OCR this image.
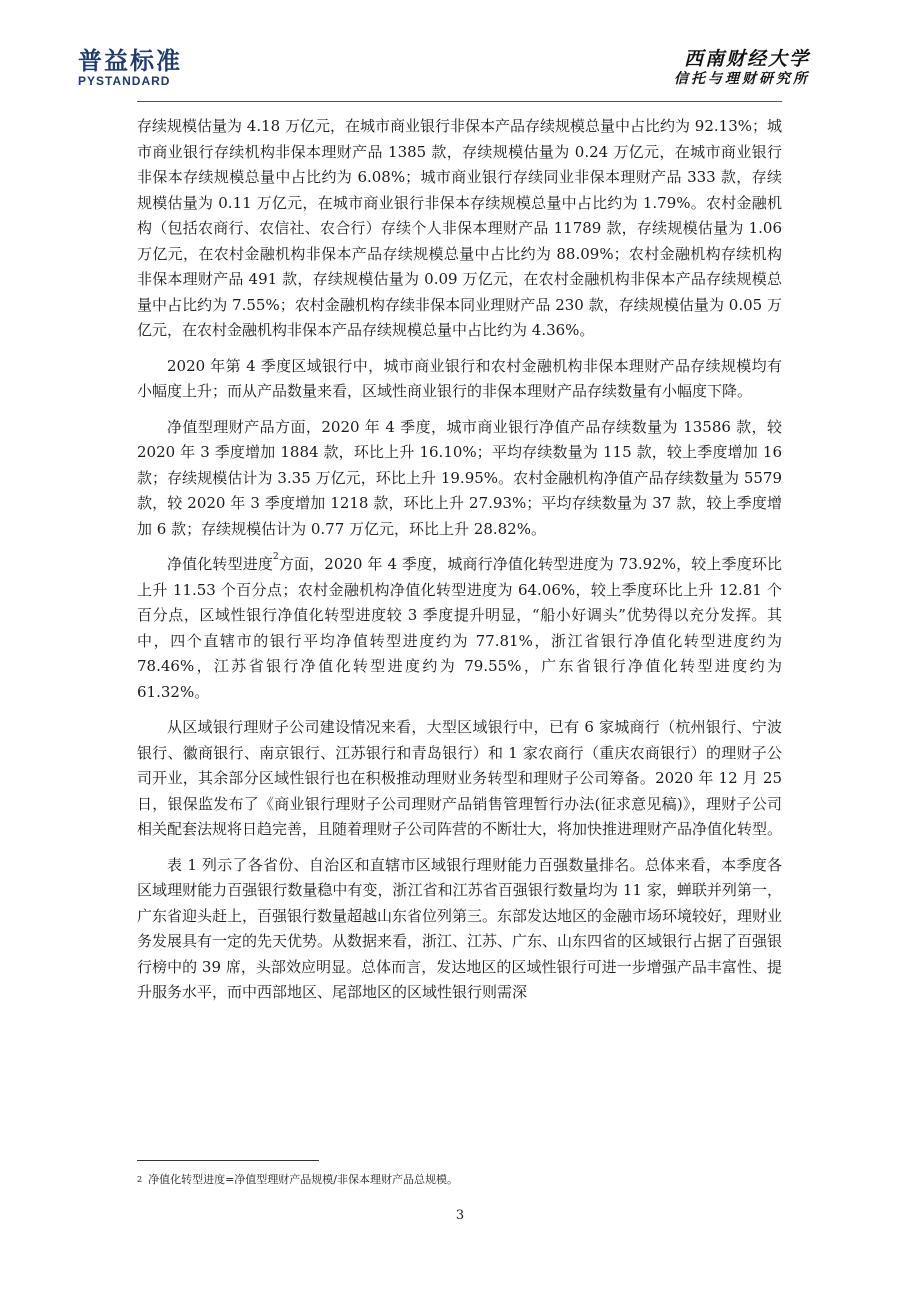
普益标准
PYSTANDARD
西南财经大学
信托与理财研究所

存续规模估量为 4.18 万亿元，在城市商业银行非保本产品存续规模总量中占比约为 92.13%；城市商业银行存续机构非保本理财产品 1385 款，存续规模估量为 0.24 万亿元，在城市商业银行非保本存续规模总量中占比约为 6.08%；城市商业银行存续同业非保本理财产品 333 款，存续规模估量为 0.11 万亿元，在城市商业银行非保本存续规模总量中占比约为 1.79%。农村金融机构（包括农商行、农信社、农合行）存续个人非保本理财产品 11789 款，存续规模估量为 1.06 万亿元，在农村金融机构非保本产品存续规模总量中占比约为 88.09%；农村金融机构存续机构非保本理财产品 491 款，存续规模估量为 0.09 万亿元，在农村金融机构非保本产品存续规模总量中占比约为 7.55%；农村金融机构存续非保本同业理财产品 230 款，存续规模估量为 0.05 万亿元，在农村金融机构非保本产品存续规模总量中占比约为 4.36%。

2020 年第 4 季度区域银行中，城市商业银行和农村金融机构非保本理财产品存续规模均有小幅度上升；而从产品数量来看，区域性商业银行的非保本理财产品存续数量有小幅度下降。

净值型理财产品方面，2020 年 4 季度，城市商业银行净值产品存续数量为 13586 款，较 2020 年 3 季度增加 1884 款，环比上升 16.10%；平均存续数量为 115 款，较上季度增加 16 款；存续规模估计为 3.35 万亿元，环比上升 19.95%。农村金融机构净值产品存续数量为 5579 款，较 2020 年 3 季度增加 1218 款，环比上升 27.93%；平均存续数量为 37 款，较上季度增加 6 款；存续规模估计为 0.77 万亿元，环比上升 28.82%。

净值化转型进度$^2$方面，2020 年 4 季度，城商行净值化转型进度为 73.92%，较上季度环比上升 11.53 个百分点；农村金融机构净值化转型进度为 64.06%，较上季度环比上升 12.81 个百分点，区域性银行净值化转型进度较 3 季度提升明显，“船小好调头”优势得以充分发挥。其中，四个直辖市的银行平均净值转型进度约为 77.81%，浙江省银行净值化转型进度约为 78.46%，江苏省银行净值化转型进度约为 79.55%，广东省银行净值化转型进度约为 61.32%。

从区域银行理财子公司建设情况来看，大型区域银行中，已有 6 家城商行（杭州银行、宁波银行、徽商银行、南京银行、江苏银行和青岛银行）和 1 家农商行（重庆农商银行）的理财子公司开业，其余部分区域性银行也在积极推动理财业务转型和理财子公司筹备。2020 年 12 月 25 日，银保监发布了《商业银行理财子公司理财产品销售管理暂行办法(征求意见稿)》，理财子公司相关配套法规将日趋完善，且随着理财子公司阵营的不断壮大，将加快推进理财产品净值化转型。

表 1 列示了各省份、自治区和直辖市区域银行理财能力百强数量排名。总体来看，本季度各区域理财能力百强银行数量稳中有变，浙江省和江苏省百强银行数量均为 11 家，蝉联并列第一，广东省迎头赶上，百强银行数量超越山东省位列第三。东部发达地区的金融市场环境较好，理财业务发展具有一定的先天优势。从数据来看，浙江、江苏、广东、山东四省的区域银行占据了百强银行榜中的 39 席，头部效应明显。总体而言，发达地区的区域性银行可进一步增强产品丰富性、提升服务水平，而中西部地区、尾部地区的区域性银行则需深

$^2$ 净值化转型进度=净值型理财产品规模/非保本理财产品总规模。
3
